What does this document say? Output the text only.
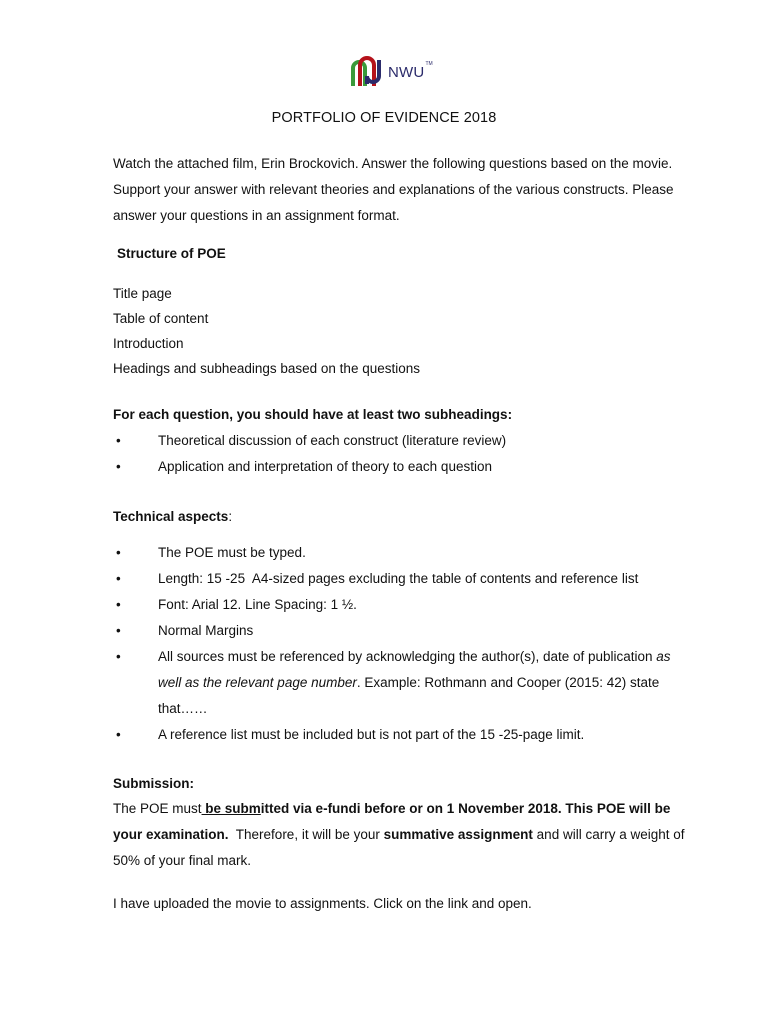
NWU TM
PORTFOLIO OF EVIDENCE 2018
Watch the attached film, Erin Brockovich. Answer the following questions based on the movie.
Support your answer with relevant theories and explanations of the various constructs. Please
answer your questions in an assignment format.
Structure of POE
Title page
Table of content
Introduction
Headings and subheadings based on the questions
For each question, you should have at least two subheadings:
•	Theoretical discussion of each construct (literature review)
•	Application and interpretation of theory to each question
Technical aspects:
•	The POE must be typed.
•	Length: 15 -25  A4-sized pages excluding the table of contents and reference list
•	Font: Arial 12. Line Spacing: 1 ½.
•	Normal Margins
•	All sources must be referenced by acknowledging the author(s), date of publication as
well as the relevant page number. Example: Rothmann and Cooper (2015: 42) state
that……
•	A reference list must be included but is not part of the 15 -25-page limit.
Submission:
The POE must be submitted via e-fundi before or on 1 November 2018. This POE will be
your examination.  Therefore, it will be your summative assignment and will carry a weight of
50% of your final mark.
I have uploaded the movie to assignments. Click on the link and open.
